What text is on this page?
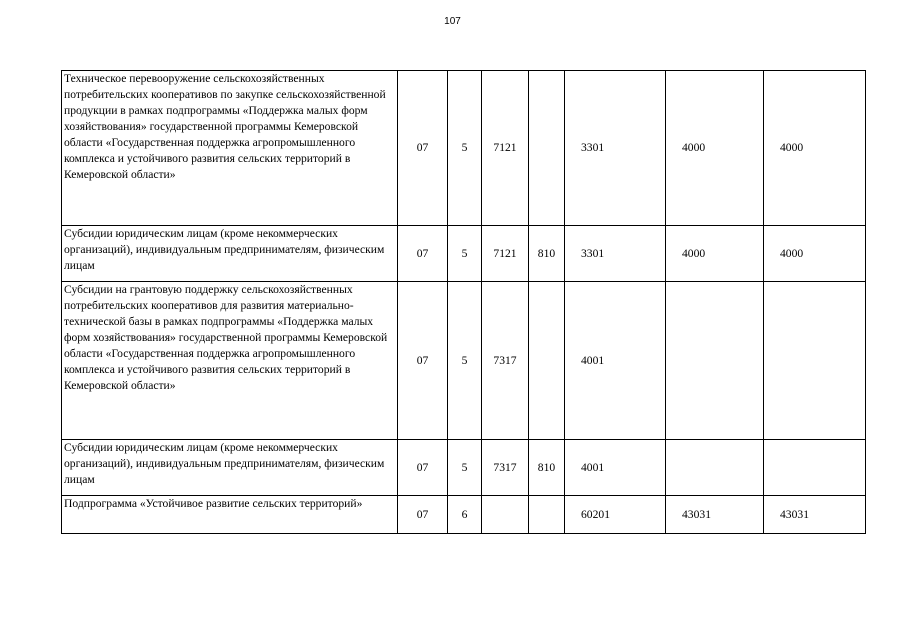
107
Техническое перевооружение сельскохозяйственных потребительских кооперативов по закупке сельскохозяйственной продукции в рамках подпрограммы «Поддержка малых форм хозяйствования» государственной программы Кемеровской области «Государственная поддержка агропромышленного комплекса и устойчивого развития сельских территорий в Кемеровской области»	07	5	7121		3301	4000	4000

Субсидии юридическим лицам (кроме некоммерческих организаций), индивидуальным предпринимателям, физическим лицам	07	5	7121	810	3301	4000	4000

Субсидии на грантовую поддержку сельскохозяйственных потребительских кооперативов для развития материально-технической базы в рамках подпрограммы «Поддержка малых форм хозяйствования» государственной программы Кемеровской области «Государственная поддержка агропромышленного комплекса и устойчивого развития сельских территорий в Кемеровской области»	07	5	7317		4001		

Субсидии юридическим лицам (кроме некоммерческих организаций), индивидуальным предпринимателям, физическим лицам	07	5	7317	810	4001		

Подпрограмма «Устойчивое развитие сельских территорий»	07	6			60201	43031	43031
